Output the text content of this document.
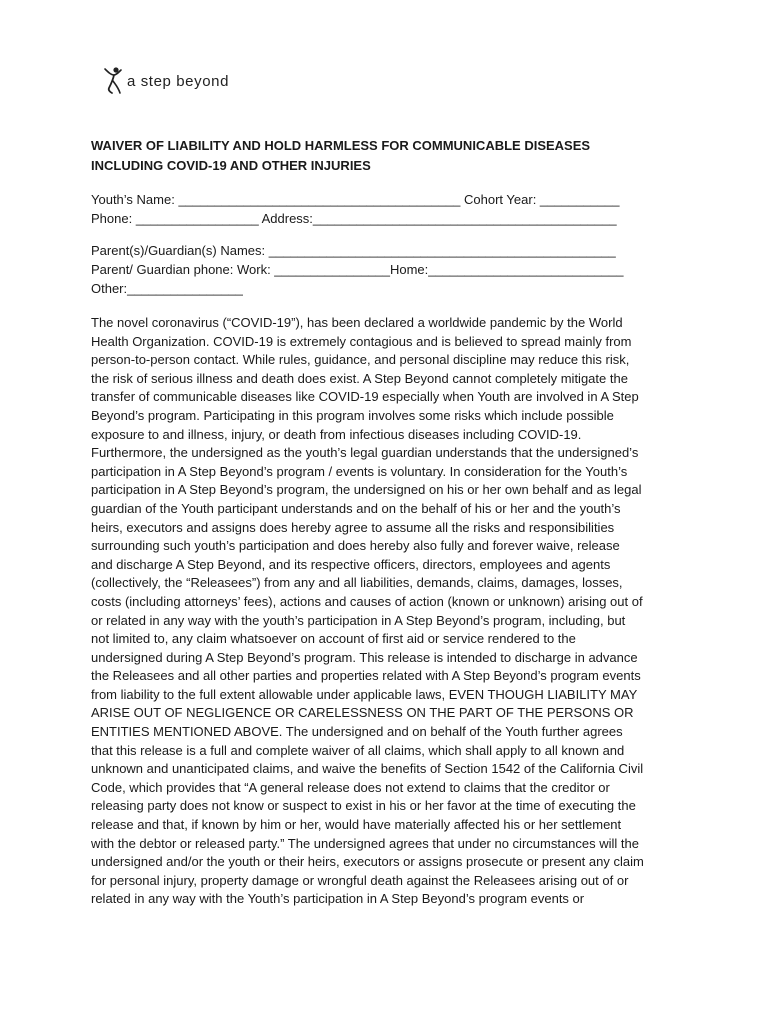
a step beyond
WAIVER OF LIABILITY AND HOLD HARMLESS FOR COMMUNICABLE DISEASES
INCLUDING COVID-19 AND OTHER INJURIES
Youth’s Name: _______________________________________ Cohort Year: ___________
Phone: _________________ Address:__________________________________________
Parent(s)/Guardian(s) Names: ________________________________________________
Parent/ Guardian phone: Work: ________________Home:___________________________
Other:________________
The novel coronavirus (“COVID-19”), has been declared a worldwide pandemic by the World
Health Organization. COVID-19 is extremely contagious and is believed to spread mainly from
person-to-person contact. While rules, guidance, and personal discipline may reduce this risk,
the risk of serious illness and death does exist. A Step Beyond cannot completely mitigate the
transfer of communicable diseases like COVID-19 especially when Youth are involved in A Step
Beyond’s program. Participating in this program involves some risks which include possible
exposure to and illness, injury, or death from infectious diseases including COVID-19.
Furthermore, the undersigned as the youth’s legal guardian understands that the undersigned’s
participation in A Step Beyond’s program / events is voluntary. In consideration for the Youth’s
participation in A Step Beyond’s program, the undersigned on his or her own behalf and as legal
guardian of the Youth participant understands and on the behalf of his or her and the youth’s
heirs, executors and assigns does hereby agree to assume all the risks and responsibilities
surrounding such youth’s participation and does hereby also fully and forever waive, release
and discharge A Step Beyond, and its respective officers, directors, employees and agents
(collectively, the “Releasees”) from any and all liabilities, demands, claims, damages, losses,
costs (including attorneys’ fees), actions and causes of action (known or unknown) arising out of
or related in any way with the youth’s participation in A Step Beyond’s program, including, but
not limited to, any claim whatsoever on account of first aid or service rendered to the
undersigned during A Step Beyond’s program. This release is intended to discharge in advance
the Releasees and all other parties and properties related with A Step Beyond’s program events
from liability to the full extent allowable under applicable laws, EVEN THOUGH LIABILITY MAY
ARISE OUT OF NEGLIGENCE OR CARELESSNESS ON THE PART OF THE PERSONS OR
ENTITIES MENTIONED ABOVE. The undersigned and on behalf of the Youth further agrees
that this release is a full and complete waiver of all claims, which shall apply to all known and
unknown and unanticipated claims, and waive the benefits of Section 1542 of the California Civil
Code, which provides that “A general release does not extend to claims that the creditor or
releasing party does not know or suspect to exist in his or her favor at the time of executing the
release and that, if known by him or her, would have materially affected his or her settlement
with the debtor or released party.” The undersigned agrees that under no circumstances will the
undersigned and/or the youth or their heirs, executors or assigns prosecute or present any claim
for personal injury, property damage or wrongful death against the Releasees arising out of or
related in any way with the Youth’s participation in A Step Beyond’s program events or
